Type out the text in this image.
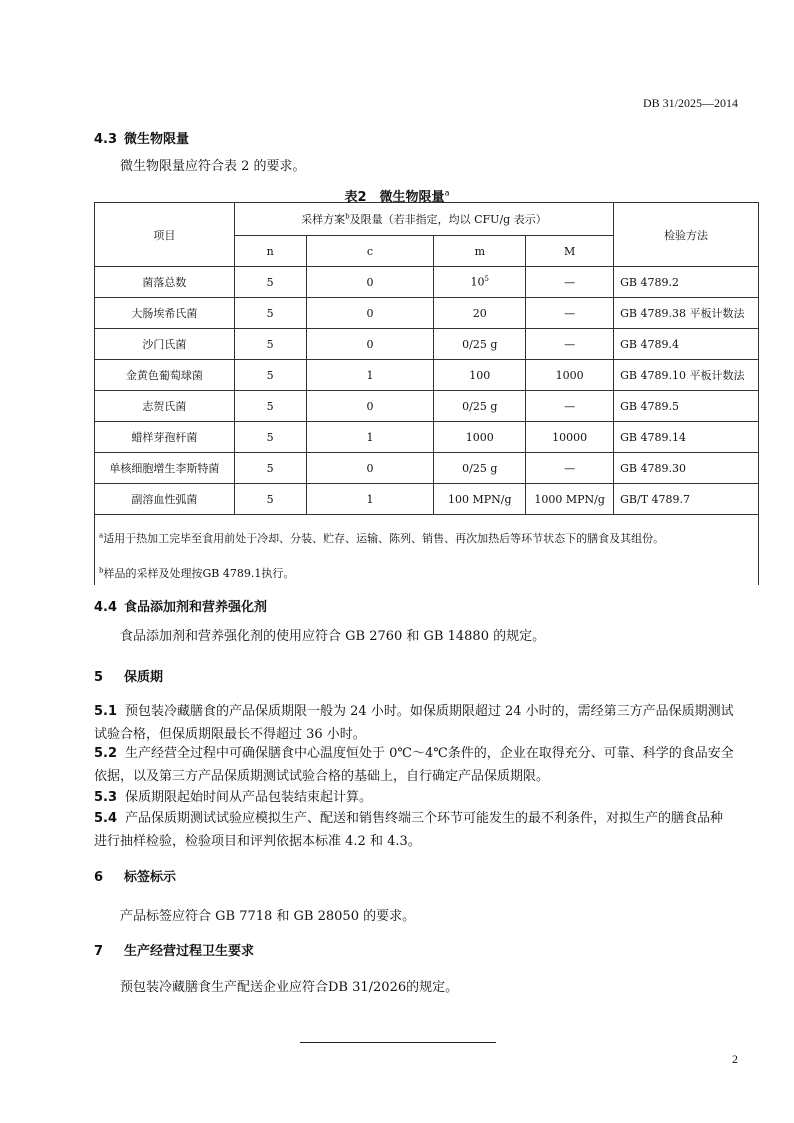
DB 31/2025—2014
4.3 微生物限量
微生物限量应符合表 2 的要求。
表2　微生物限量$^a$
项目	采样方案$^b$及限量（若非指定，均以 CFU/g 表示）				检验方法
	n	c	m	M	
菌落总数	5	0	$10^5$	—	GB 4789.2
大肠埃希氏菌	5	0	20	—	GB 4789.38 平板计数法
沙门氏菌	5	0	0/25 g	—	GB 4789.4
金黄色葡萄球菌	5	1	100	1000	GB 4789.10 平板计数法
志贺氏菌	5	0	0/25 g	—	GB 4789.5
蜡样芽孢杆菌	5	1	1000	10000	GB 4789.14
单核细胞增生李斯特菌	5	0	0/25 g	—	GB 4789.30
副溶血性弧菌	5	1	100 MPN/g	1000 MPN/g	GB/T 4789.7
$^a$适用于热加工完毕至食用前处于冷却、分装、贮存、运输、陈列、销售、再次加热后等环节状态下的膳食及其组份。					
$^b$样品的采样及处理按GB 4789.1执行。					
4.4 食品添加剂和营养强化剂
食品添加剂和营养强化剂的使用应符合 GB 2760 和 GB 14880 的规定。
5 保质期
5.1 预包装冷藏膳食的产品保质期限一般为 24 小时。如保质期限超过 24 小时的，需经第三方产品保质期测试试验合格，但保质期限最长不得超过 36 小时。
5.2 生产经营全过程中可确保膳食中心温度恒处于 0℃～4℃条件的，企业在取得充分、可靠、科学的食品安全依据，以及第三方产品保质期测试试验合格的基础上，自行确定产品保质期限。
5.3 保质期限起始时间从产品包装结束起计算。
5.4 产品保质期测试试验应模拟生产、配送和销售终端三个环节可能发生的最不利条件，对拟生产的膳食品种进行抽样检验，检验项目和评判依据本标准 4.2 和 4.3。
6 标签标示
产品标签应符合 GB 7718 和 GB 28050 的要求。
7 生产经营过程卫生要求
预包装冷藏膳食生产配送企业应符合DB 31/2026的规定。
2
